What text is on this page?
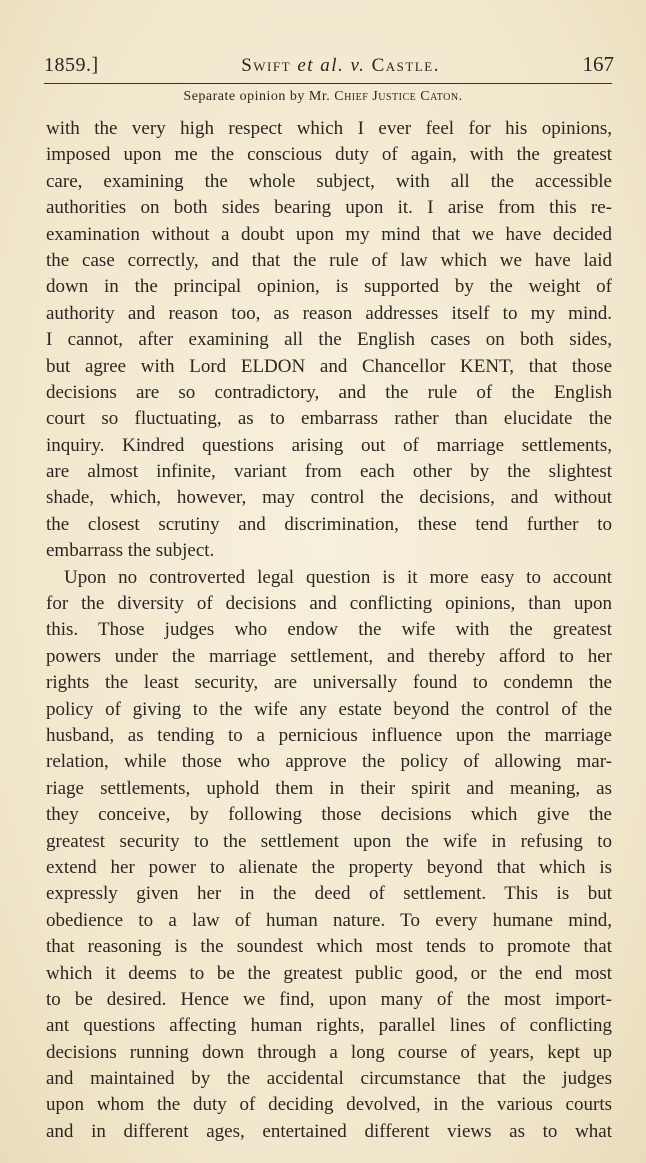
1859.]	Swift et al. v. Castle.	167
Separate opinion by Mr. Chief Justice Caton.
with the very high respect which I ever feel for his opinions,
imposed upon me the conscious duty of again, with the greatest
care, examining the whole subject, with all the accessible
authorities on both sides bearing upon it. I arise from this re-
examination without a doubt upon my mind that we have decided
the case correctly, and that the rule of law which we have laid
down in the principal opinion, is supported by the weight of
authority and reason too, as reason addresses itself to my mind.
I cannot, after examining all the English cases on both sides,
but agree with Lord ELDON and Chancellor KENT, that those
decisions are so contradictory, and the rule of the English
court so fluctuating, as to embarrass rather than elucidate the
inquiry. Kindred questions arising out of marriage settlements,
are almost infinite, variant from each other by the slightest
shade, which, however, may control the decisions, and without
the closest scrutiny and discrimination, these tend further to
embarrass the subject.
Upon no controverted legal question is it more easy to account
for the diversity of decisions and conflicting opinions, than upon
this. Those judges who endow the wife with the greatest
powers under the marriage settlement, and thereby afford to her
rights the least security, are universally found to condemn the
policy of giving to the wife any estate beyond the control of the
husband, as tending to a pernicious influence upon the marriage
relation, while those who approve the policy of allowing mar-
riage settlements, uphold them in their spirit and meaning, as
they conceive, by following those decisions which give the
greatest security to the settlement upon the wife in refusing to
extend her power to alienate the property beyond that which is
expressly given her in the deed of settlement. This is but
obedience to a law of human nature. To every humane mind,
that reasoning is the soundest which most tends to promote that
which it deems to be the greatest public good, or the end most
to be desired. Hence we find, upon many of the most import-
ant questions affecting human rights, parallel lines of conflicting
decisions running down through a long course of years, kept up
and maintained by the accidental circumstance that the judges
upon whom the duty of deciding devolved, in the various courts
and in different ages, entertained different views as to what
